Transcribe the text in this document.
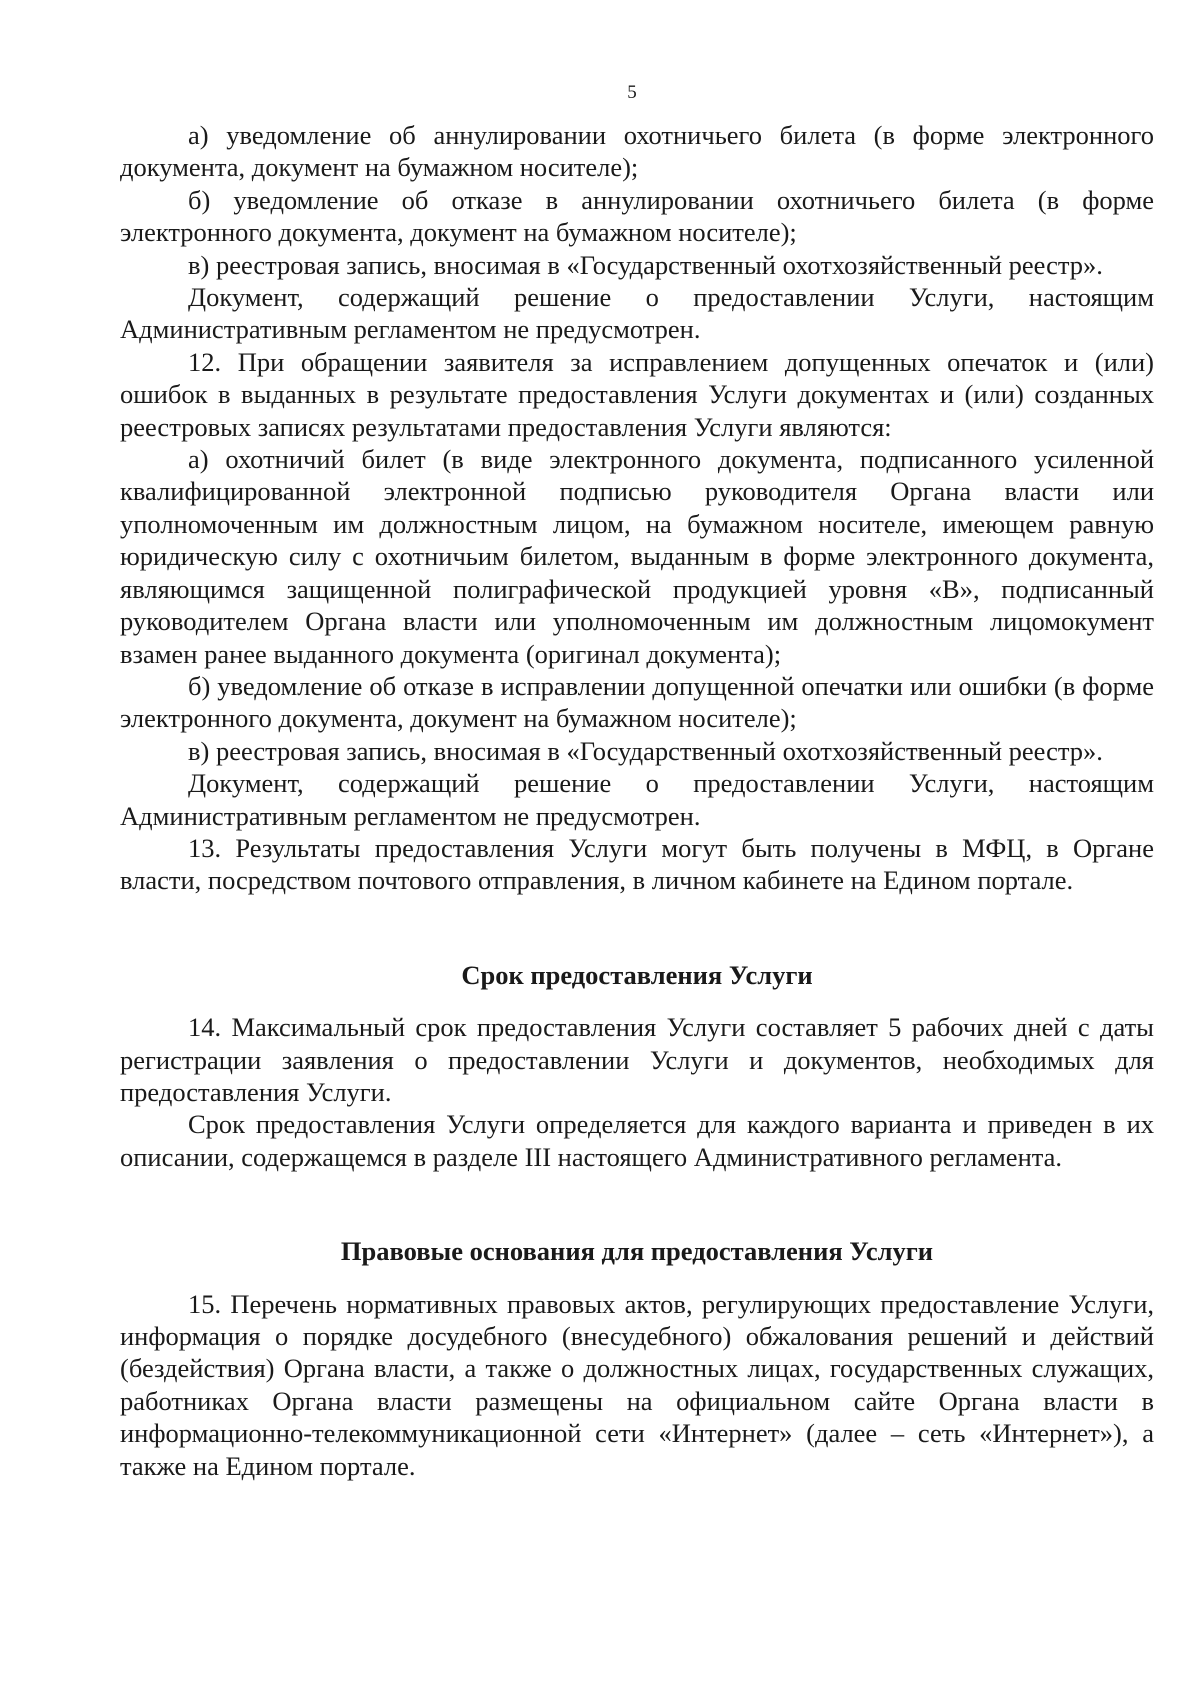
5

а) уведомление об аннулировании охотничьего билета (в форме электронного документа, документ на бумажном носителе);

б) уведомление об отказе в аннулировании охотничьего билета (в форме электронного документа, документ на бумажном носителе);

в) реестровая запись, вносимая в «Государственный охотхозяйственный реестр».

Документ, содержащий решение о предоставлении Услуги, настоящим Административным регламентом не предусмотрен.

12. При обращении заявителя за исправлением допущенных опечаток и (или) ошибок в выданных в результате предоставления Услуги документах и (или) созданных реестровых записях результатами предоставления Услуги являются:

а) охотничий билет (в виде электронного документа, подписанного усиленной квалифицированной электронной подписью руководителя Органа власти или уполномоченным им должностным лицом, на бумажном носителе, имеющем равную юридическую силу с охотничьим билетом, выданным в форме электронного документа, являющимся защищенной полиграфической продукцией уровня «В», подписанный руководителем Органа власти или уполномоченным им должностным лицомокумент взамен ранее выданного документа (оригинал документа);

б) уведомление об отказе в исправлении допущенной опечатки или ошибки (в форме электронного документа, документ на бумажном носителе);

в) реестровая запись, вносимая в «Государственный охотхозяйственный реестр».

Документ, содержащий решение о предоставлении Услуги, настоящим Административным регламентом не предусмотрен.

13. Результаты предоставления Услуги могут быть получены в МФЦ, в Органе власти, посредством почтового отправления, в личном кабинете на Едином портале.

Срок предоставления Услуги

14. Максимальный срок предоставления Услуги составляет 5 рабочих дней с даты регистрации заявления о предоставлении Услуги и документов, необходимых для предоставления Услуги.

Срок предоставления Услуги определяется для каждого варианта и приведен в их описании, содержащемся в разделе III настоящего Административного регламента.

Правовые основания для предоставления Услуги

15. Перечень нормативных правовых актов, регулирующих предоставление Услуги, информация о порядке досудебного (внесудебного) обжалования решений и действий (бездействия) Органа власти, а также о должностных лицах, государственных служащих, работниках Органа власти размещены на официальном сайте Органа власти в информационно-телекоммуникационной сети «Интернет» (далее – сеть «Интернет»), а также на Едином портале.
